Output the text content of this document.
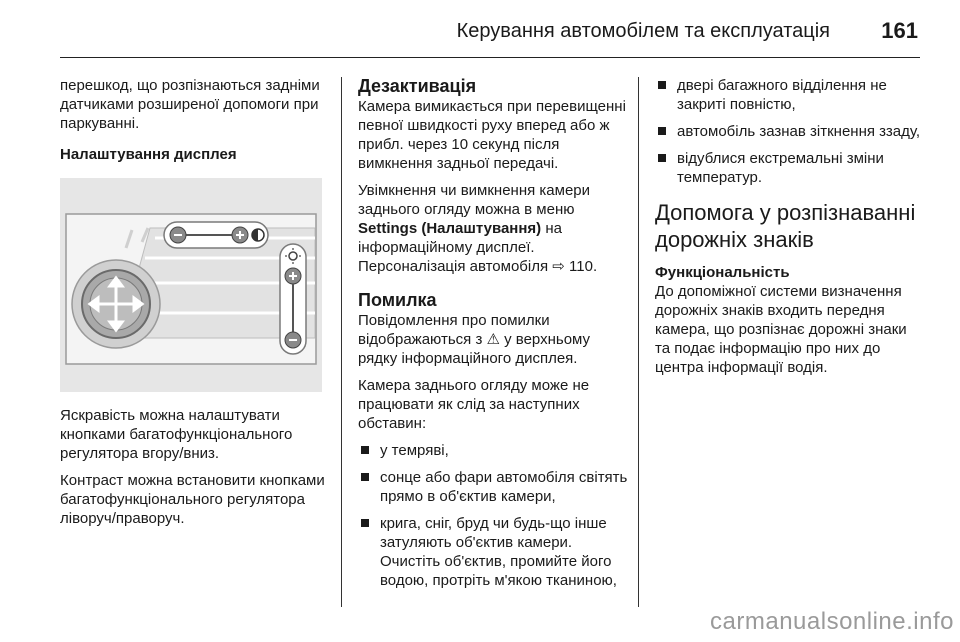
Керування автомобілем та експлуатація 161

перешкод, що розпізнаються задніми датчиками розширеної допомоги при паркуванні.

Налаштування дисплея

Яскравість можна налаштувати кнопками багатофункціонального регулятора вгору/вниз.

Контраст можна встановити кнопками багатофункціонального регулятора ліворуч/праворуч.

Дезактивація

Камера вимикається при перевищенні певної швидкості руху вперед або ж прибл. через 10 секунд після вимкнення задньої передачі.

Увімкнення чи вимкнення камери заднього огляду можна в меню Settings (Налаштування) на інформаційному дисплеї. Персоналізація автомобіля ⇨ 110.

Помилка

Повідомлення про помилки відображаються з ⚠ у верхньому рядку інформаційного дисплея.

Камера заднього огляду може не працювати як слід за наступних обставин:

у темряві,
сонце або фари автомобіля світять прямо в об'єктив камери,
крига, сніг, бруд чи будь-що інше затуляють об'єктив камери. Очистіть об'єктив, промийте його водою, протріть м'якою тканиною,
двері багажного відділення не закриті повністю,
автомобіль зазнав зіткнення ззаду,
відублися екстремальні зміни температур.
Допомога у розпізнаванні дорожніх знаків
Функціональність

До допоміжної системи визначення дорожніх знаків входить передня камера, що розпізнає дорожні знаки та подає інформацію про них до центра інформації водія.

carmanualsonline.info
